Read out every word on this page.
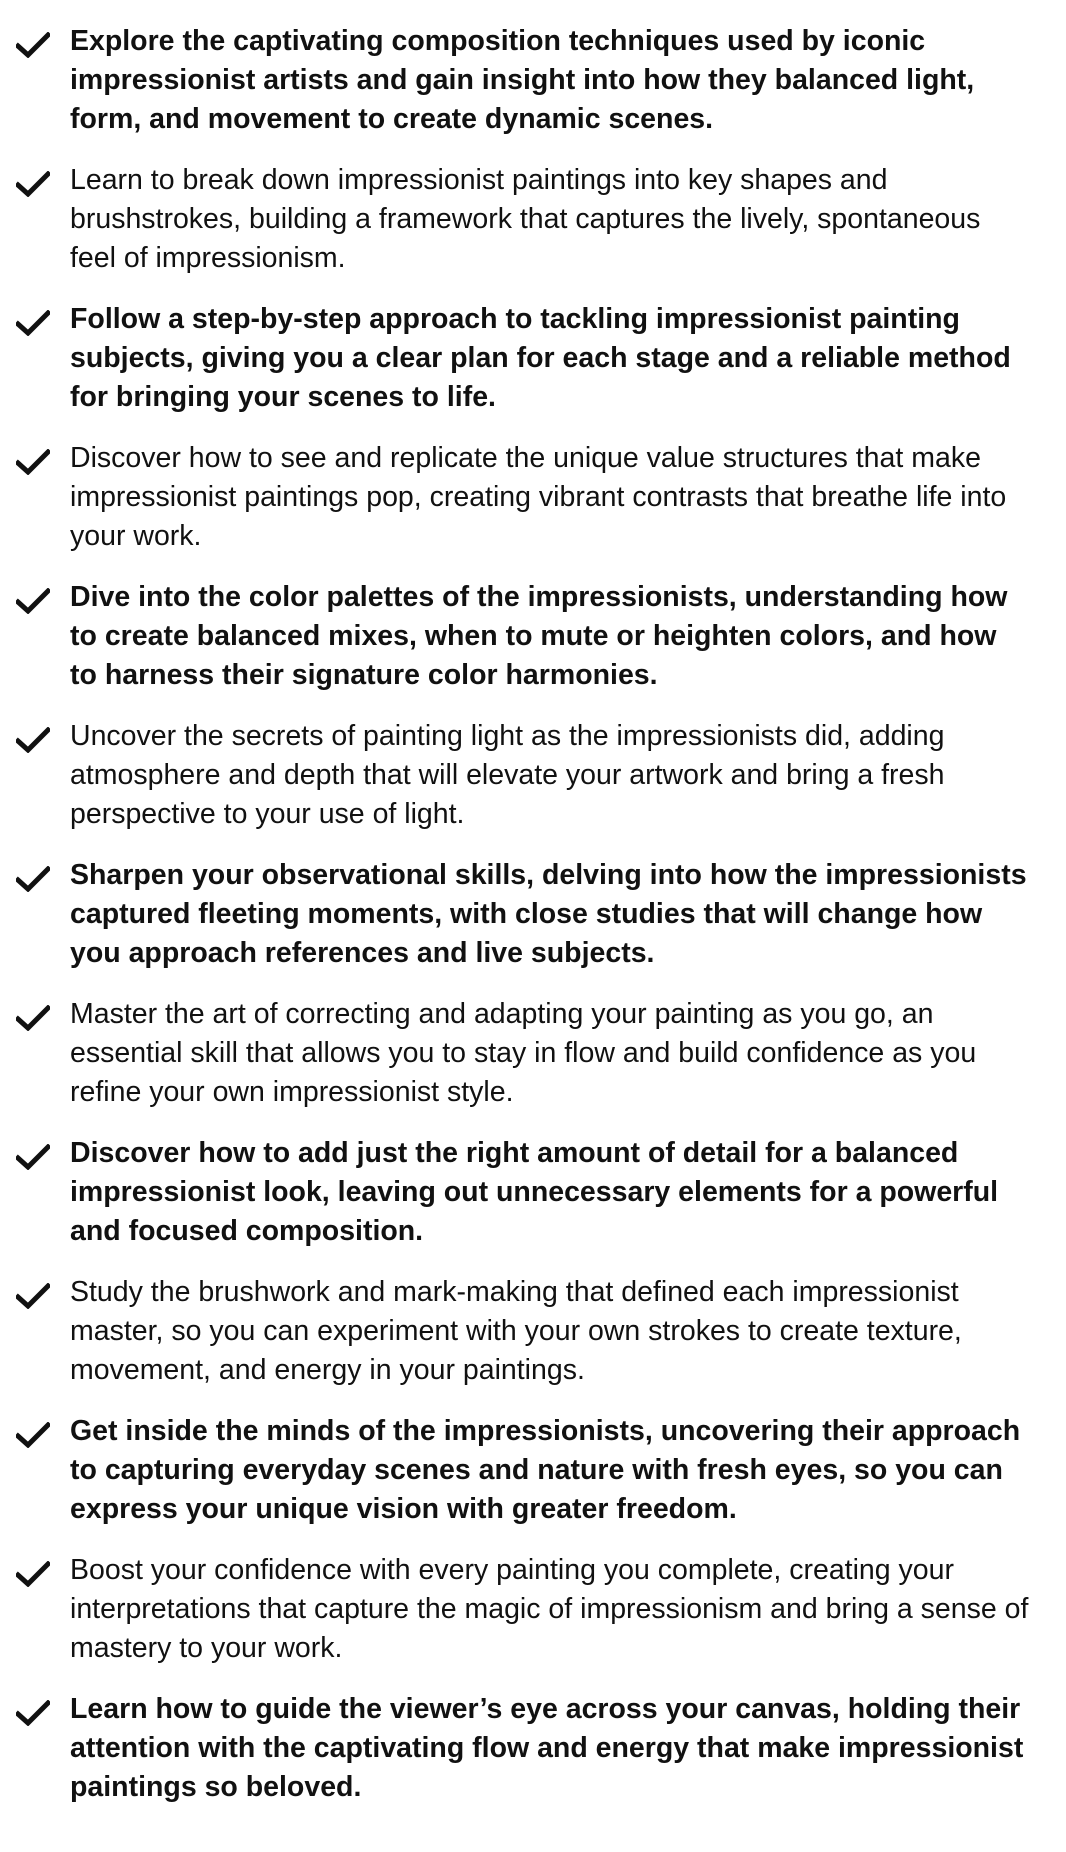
Explore the captivating composition techniques used by iconic impressionist artists and gain insight into how they balanced light, form, and movement to create dynamic scenes.
Learn to break down impressionist paintings into key shapes and brushstrokes, building a framework that captures the lively, spontaneous feel of impressionism.
Follow a step-by-step approach to tackling impressionist painting subjects, giving you a clear plan for each stage and a reliable method for bringing your scenes to life.
Discover how to see and replicate the unique value structures that make impressionist paintings pop, creating vibrant contrasts that breathe life into your work.
Dive into the color palettes of the impressionists, understanding how to create balanced mixes, when to mute or heighten colors, and how to harness their signature color harmonies.
Uncover the secrets of painting light as the impressionists did, adding atmosphere and depth that will elevate your artwork and bring a fresh perspective to your use of light.
Sharpen your observational skills, delving into how the impressionists captured fleeting moments, with close studies that will change how you approach references and live subjects.
Master the art of correcting and adapting your painting as you go, an essential skill that allows you to stay in flow and build confidence as you refine your own impressionist style.
Discover how to add just the right amount of detail for a balanced impressionist look, leaving out unnecessary elements for a powerful and focused composition.
Study the brushwork and mark-making that defined each impressionist master, so you can experiment with your own strokes to create texture, movement, and energy in your paintings.
Get inside the minds of the impressionists, uncovering their approach to capturing everyday scenes and nature with fresh eyes, so you can express your unique vision with greater freedom.
Boost your confidence with every painting you complete, creating your interpretations that capture the magic of impressionism and bring a sense of mastery to your work.
Learn how to guide the viewer’s eye across your canvas, holding their attention with the captivating flow and energy that make impressionist paintings so beloved.
